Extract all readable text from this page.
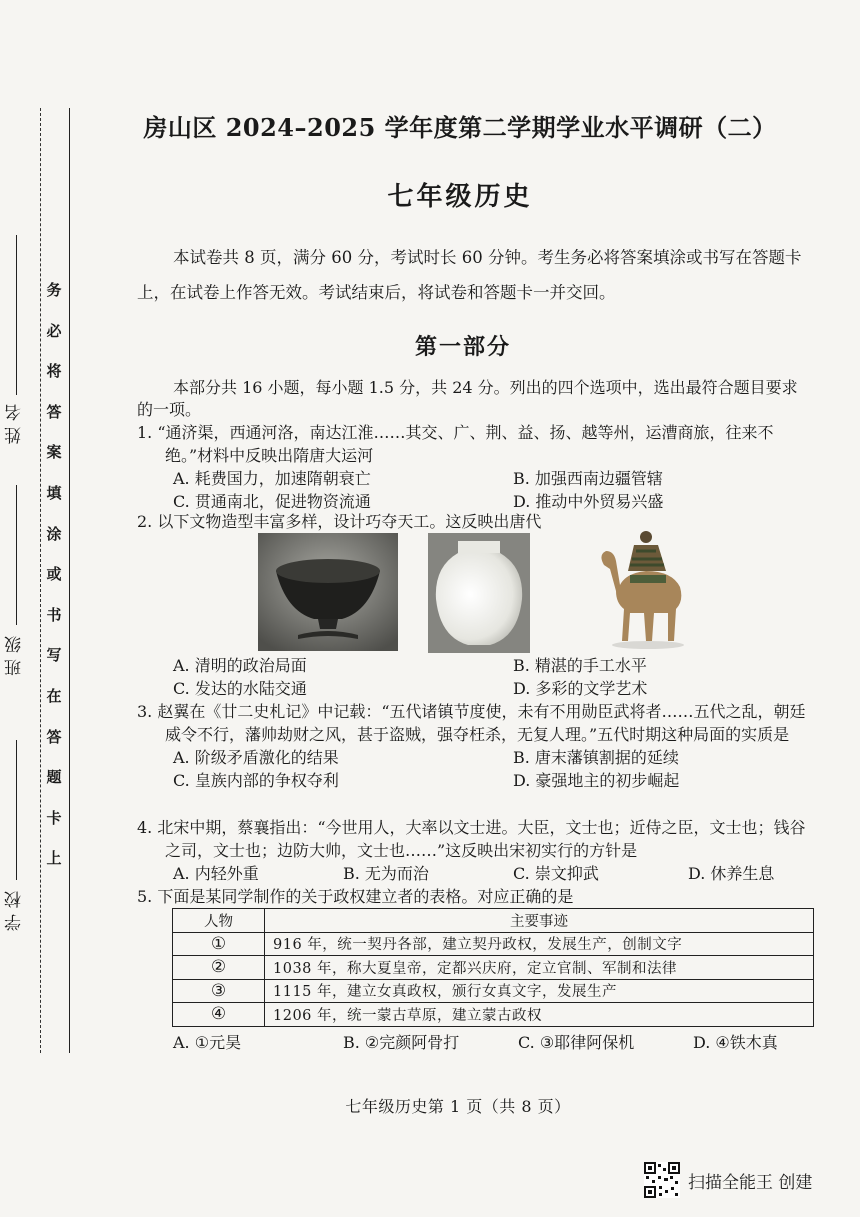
姓名
班级
学校
务
必
将
答
案
填
涂
或
书
写
在
答
题
卡
上
房山区 2024–2025 学年度第二学期学业水平调研（二）
七年级历史
本试卷共 8 页，满分 60 分，考试时长 60 分钟。考生务必将答案填涂或书写在答题卡上，在试卷上作答无效。考试结束后，将试卷和答题卡一并交回。
第一部分
本部分共 16 小题，每小题 1.5 分，共 24 分。列出的四个选项中，选出最符合题目要求的一项。
1. “通济渠，西通河洛，南达江淮……其交、广、荆、益、扬、越等州，运漕商旅，往来不绝。”材料中反映出隋唐大运河
A. 耗费国力，加速隋朝衰亡	B. 加强西南边疆管辖
C. 贯通南北，促进物资流通	D. 推动中外贸易兴盛
2. 以下文物造型丰富多样，设计巧夺天工。这反映出唐代
A. 清明的政治局面	B. 精湛的手工水平
C. 发达的水陆交通	D. 多彩的文学艺术
3. 赵翼在《廿二史札记》中记载：“五代诸镇节度使，未有不用勋臣武将者……五代之乱，朝廷威令不行，藩帅劫财之风，甚于盗贼，强夺枉杀，无复人理。”五代时期这种局面的实质是
A. 阶级矛盾激化的结果	B. 唐末藩镇割据的延续
C. 皇族内部的争权夺利	D. 豪强地主的初步崛起
4. 北宋中期，蔡襄指出：“今世用人，大率以文士进。大臣，文士也；近侍之臣，文士也；钱谷之司，文士也；边防大帅，文士也……”这反映出宋初实行的方针是
A. 内轻外重	B. 无为而治	C. 崇文抑武	D. 休养生息
5. 下面是某同学制作的关于政权建立者的表格。对应正确的是
人物	主要事迹
①	916 年，统一契丹各部，建立契丹政权，发展生产，创制文字
②	1038 年，称大夏皇帝，定都兴庆府，定立官制、军制和法律
③	1115 年，建立女真政权，颁行女真文字，发展生产
④	1206 年，统一蒙古草原，建立蒙古政权
A. ①元昊	B. ②完颜阿骨打	C. ③耶律阿保机	D. ④铁木真
七年级历史第 1 页（共 8 页）
扫描全能王 创建
